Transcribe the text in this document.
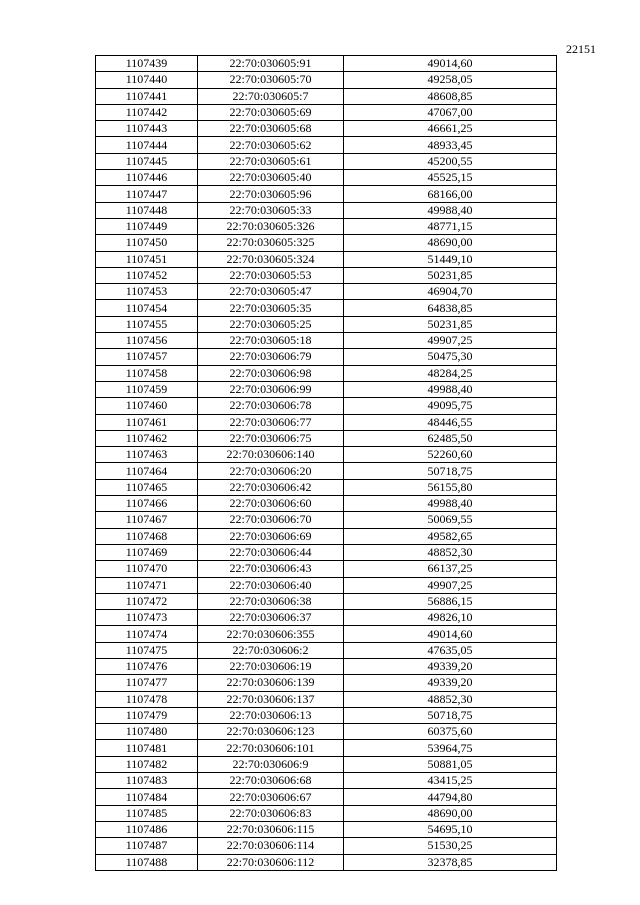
22151
1107439	22:70:030605:91	49014,60
1107440	22:70:030605:70	49258,05
1107441	22:70:030605:7	48608,85
1107442	22:70:030605:69	47067,00
1107443	22:70:030605:68	46661,25
1107444	22:70:030605:62	48933,45
1107445	22:70:030605:61	45200,55
1107446	22:70:030605:40	45525,15
1107447	22:70:030605:96	68166,00
1107448	22:70:030605:33	49988,40
1107449	22:70:030605:326	48771,15
1107450	22:70:030605:325	48690,00
1107451	22:70:030605:324	51449,10
1107452	22:70:030605:53	50231,85
1107453	22:70:030605:47	46904,70
1107454	22:70:030605:35	64838,85
1107455	22:70:030605:25	50231,85
1107456	22:70:030605:18	49907,25
1107457	22:70:030606:79	50475,30
1107458	22:70:030606:98	48284,25
1107459	22:70:030606:99	49988,40
1107460	22:70:030606:78	49095,75
1107461	22:70:030606:77	48446,55
1107462	22:70:030606:75	62485,50
1107463	22:70:030606:140	52260,60
1107464	22:70:030606:20	50718,75
1107465	22:70:030606:42	56155,80
1107466	22:70:030606:60	49988,40
1107467	22:70:030606:70	50069,55
1107468	22:70:030606:69	49582,65
1107469	22:70:030606:44	48852,30
1107470	22:70:030606:43	66137,25
1107471	22:70:030606:40	49907,25
1107472	22:70:030606:38	56886,15
1107473	22:70:030606:37	49826,10
1107474	22:70:030606:355	49014,60
1107475	22:70:030606:2	47635,05
1107476	22:70:030606:19	49339,20
1107477	22:70:030606:139	49339,20
1107478	22:70:030606:137	48852,30
1107479	22:70:030606:13	50718,75
1107480	22:70:030606:123	60375,60
1107481	22:70:030606:101	53964,75
1107482	22:70:030606:9	50881,05
1107483	22:70:030606:68	43415,25
1107484	22:70:030606:67	44794,80
1107485	22:70:030606:83	48690,00
1107486	22:70:030606:115	54695,10
1107487	22:70:030606:114	51530,25
1107488	22:70:030606:112	32378,85
